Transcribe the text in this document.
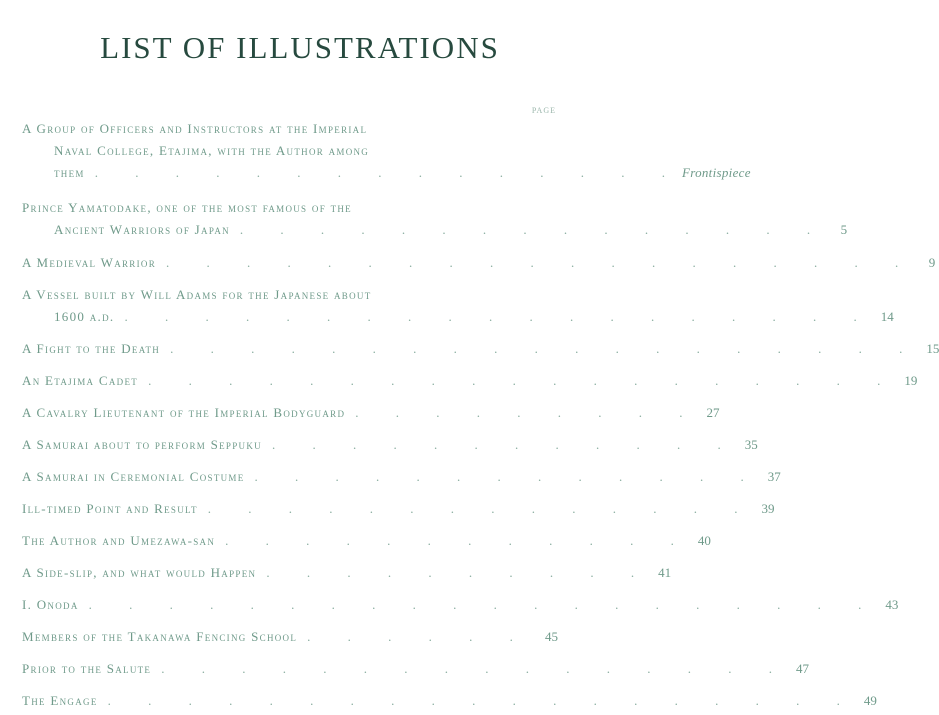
LIST OF ILLUSTRATIONS
PAGE
A Group of Officers and Instructors at the Imperial
Naval College, Etajima, with the Author among
them . . . . . . . . . . . . . . . Frontispiece
Prince Yamatodake, one of the most famous of the
Ancient Warriors of Japan . . . . . . . . . . . . . . .	5
A Medieval Warrior . . . . . . . . . . . . . . . . . . .	9
A Vessel built by Will Adams for the Japanese about
1600 a.d. . . . . . . . . . . . . . . . . . . . 14
A Fight to the Death . . . . . . . . . . . . . . . . . . . 15
An Etajima Cadet . . . . . . . . . . . . . . . . . . . 19
A Cavalry Lieutenant of the Imperial Bodyguard . . . . . . . . . 27
A Samurai about to perform Seppuku . . . . . . . . . . . . 35
A Samurai in Ceremonial Costume . . . . . . . . . . . . . 37
Ill-timed Point and Result . . . . . . . . . . . . . . 39
The Author and Umezawa-san . . . . . . . . . . . . 40
A Side-slip, and what would Happen . . . . . . . . . . 41
I. Onoda . . . . . . . . . . . . . . . . . . . . 43
Members of the Takanawa Fencing School . . . . . .	45
Prior to the Salute . . . . . . . . . . . . . . . . 47
The Engage . . . . . . . . . . . . . . . . . . . 49
